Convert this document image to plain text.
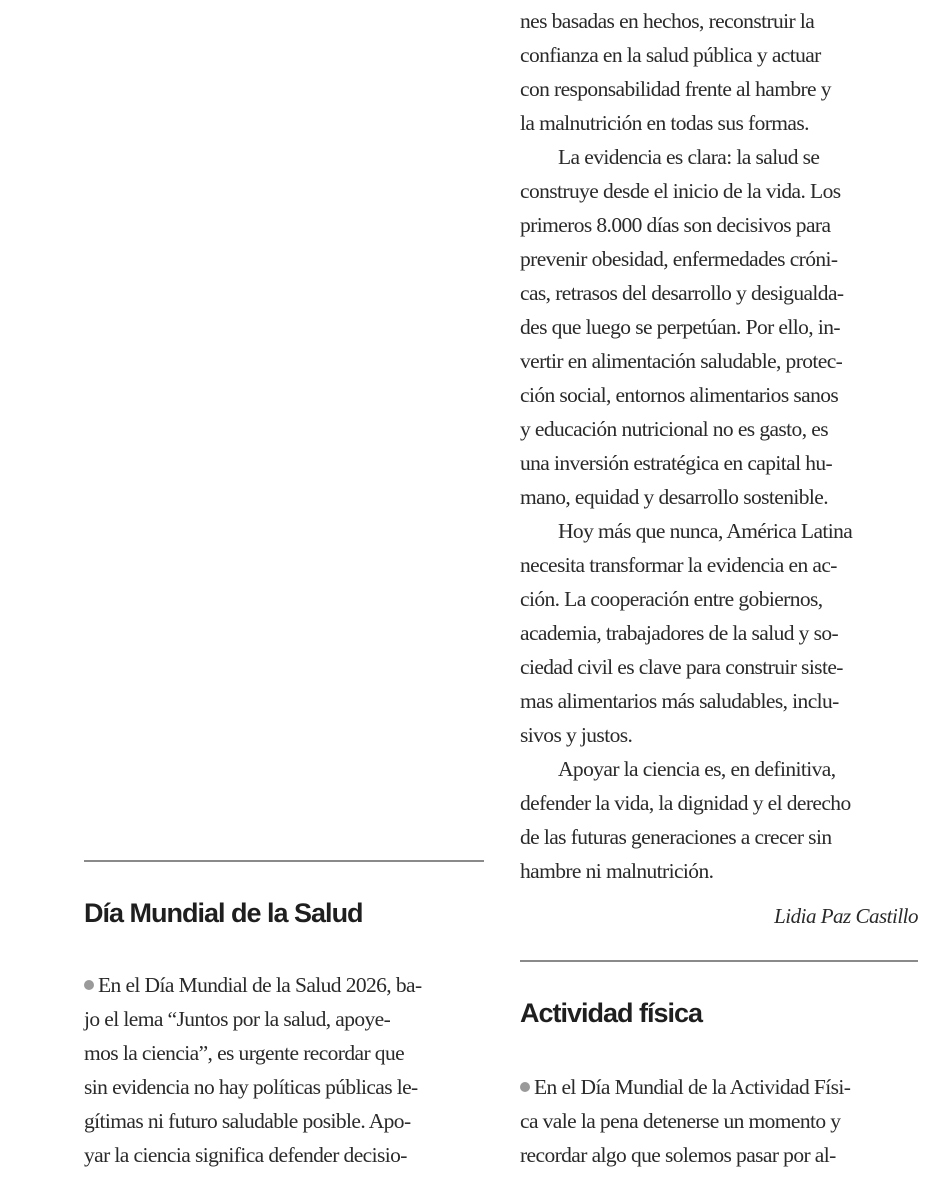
nes basadas en hechos, reconstruir la
confianza en la salud pública y actuar
con responsabilidad frente al hambre y
la malnutrición en todas sus formas.

La evidencia es clara: la salud se
construye desde el inicio de la vida. Los
primeros 8.000 días son decisivos para
prevenir obesidad, enfermedades cróni-
cas, retrasos del desarrollo y desigualda-
des que luego se perpetúan. Por ello, in-
vertir en alimentación saludable, protec-
ción social, entornos alimentarios sanos
y educación nutricional no es gasto, es
una inversión estratégica en capital hu-
mano, equidad y desarrollo sostenible.

Hoy más que nunca, América Latina
necesita transformar la evidencia en ac-
ción. La cooperación entre gobiernos,
academia, trabajadores de la salud y so-
ciedad civil es clave para construir siste-
mas alimentarios más saludables, inclu-
sivos y justos.

Apoyar la ciencia es, en definitiva,
defender la vida, la dignidad y el derecho
de las futuras generaciones a crecer sin
hambre ni malnutrición.

Lidia Paz Castillo
Actividad física
En el Día Mundial de la Actividad Físi-
ca vale la pena detenerse un momento y
recordar algo que solemos pasar por al-
Día Mundial de la Salud
En el Día Mundial de la Salud 2026, ba-
jo el lema “Juntos por la salud, apoye-
mos la ciencia”, es urgente recordar que
sin evidencia no hay políticas públicas le-
gítimas ni futuro saludable posible. Apo-
yar la ciencia significa defender decisio-
